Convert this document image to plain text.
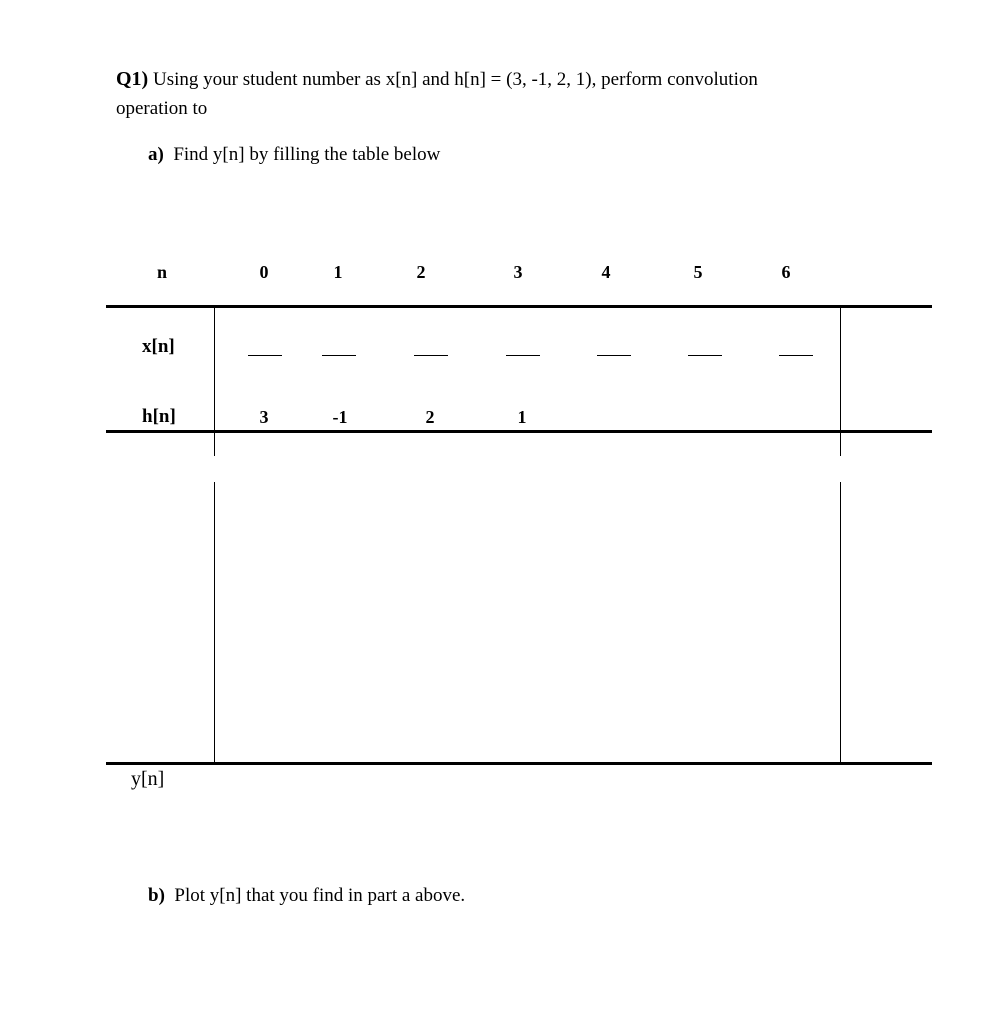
Q1) Using your student number as x[n] and h[n] = (3, -1, 2, 1), perform convolution
operation to
a) Find y[n] by filling the table below
n	0	1	2	3	4	5	6
x[n]
h[n]	3	-1	2	1
y[n]
b) Plot y[n] that you find in part a above.
